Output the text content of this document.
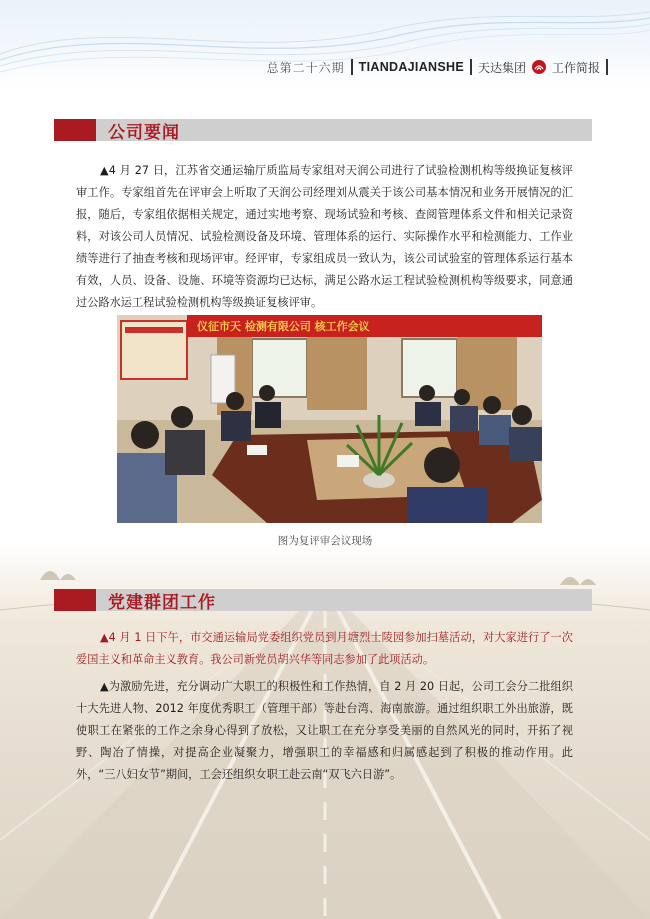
总第二十六期 TIANDAJIANSHE 天达集团 工作简报
公司要闻
▲4 月 27 日，江苏省交通运输厅质监局专家组对天润公司进行了试验检测机构等级换证复核评审工作。专家组首先在评审会上听取了天润公司经理刘从震关于该公司基本情况和业务开展情况的汇报，随后，专家组依据相关规定，通过实地考察、现场试验和考核、查阅管理体系文件和相关记录资料，对该公司人员情况、试验检测设备及环境、管理体系的运行、实际操作水平和检测能力、工作业绩等进行了抽查考核和现场评审。经评审，专家组成员一致认为，该公司试验室的管理体系运行基本有效，人员、设备、设施、环境等资源均已达标，满足公路水运工程试验检测机构等级要求，同意通过公路水运工程试验检测机构等级换证复核评审。
仪征市天 检测有限公司 核工作会议
图为复评审会议现场
党建群团工作
▲4 月 1 日下午，市交通运输局党委组织党员到月塘烈士陵园参加扫墓活动，对大家进行了一次爱国主义和革命主义教育。我公司新党员胡兴华等同志参加了此项活动。
▲为激励先进，充分调动广大职工的积极性和工作热情，自 2 月 20 日起，公司工会分二批组织十大先进人物、2012 年度优秀职工（管理干部）等赴台湾、海南旅游。通过组织职工外出旅游，既使职工在紧张的工作之余身心得到了放松，又让职工在充分享受美丽的自然风光的同时，开拓了视野、陶冶了情操，对提高企业凝聚力，增强职工的幸福感和归属感起到了积极的推动作用。此外，“三八妇女节”期间，工会还组织女职工赴云南“双飞六日游”。
